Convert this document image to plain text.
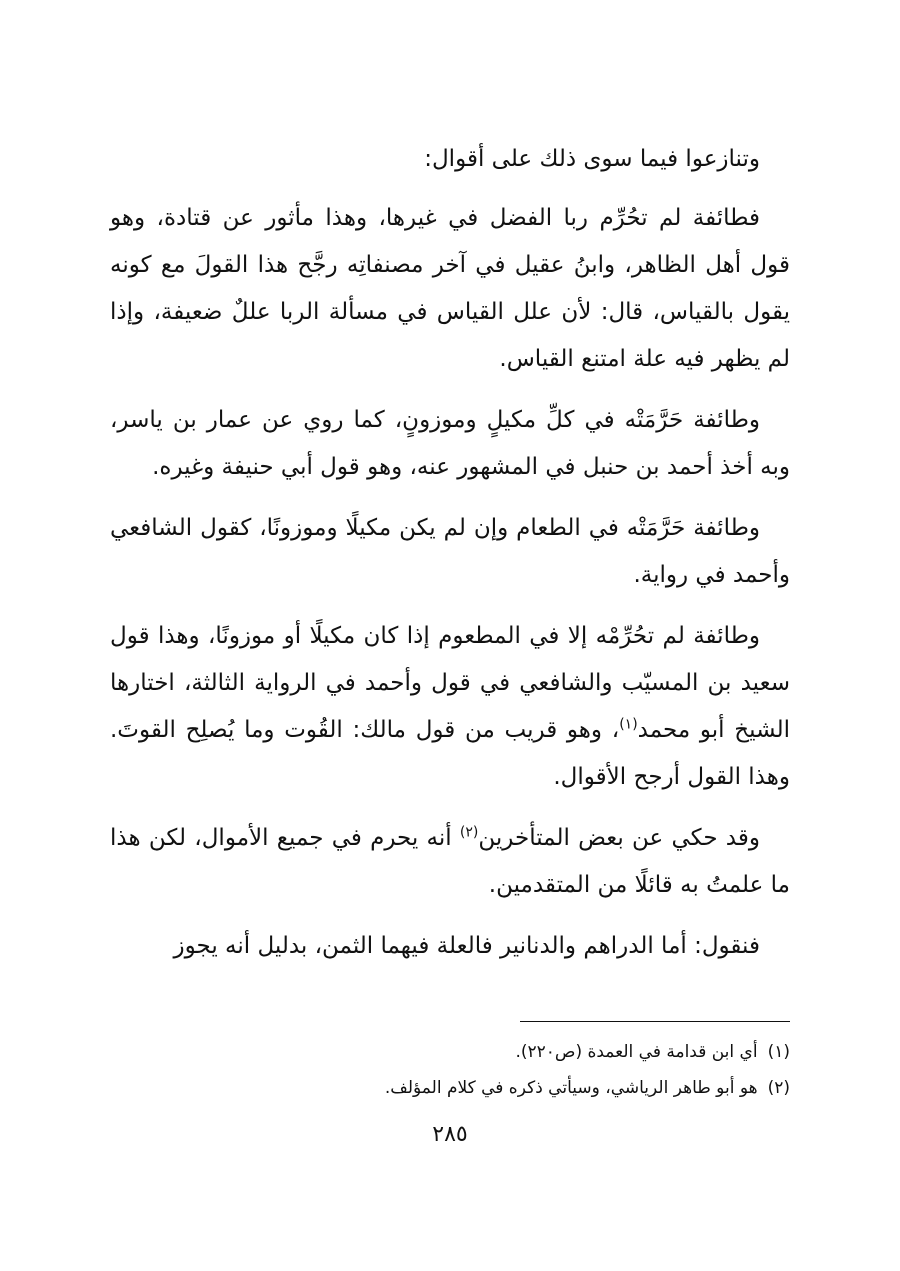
وتنازعوا فيما سوى ذلك على أقوال:

فطائفة لم تحُرِّم ربا الفضل في غيرها، وهذا مأثور عن قتادة، وهو قول أهل الظاهر، وابنُ عقيل في آخر مصنفاتِه رجَّح هذا القولَ مع كونه يقول بالقياس، قال: لأن علل القياس في مسألة الربا عللٌ ضعيفة، وإذا لم يظهر فيه علة امتنع القياس.

وطائفة حَرَّمَتْه في كلِّ مكيلٍ وموزونٍ، كما روي عن عمار بن ياسر، وبه أخذ أحمد بن حنبل في المشهور عنه، وهو قول أبي حنيفة وغيره.

وطائفة حَرَّمَتْه في الطعام وإن لم يكن مكيلًا وموزونًا، كقول الشافعي وأحمد في رواية.

وطائفة لم تحُرِّمْه إلا في المطعوم إذا كان مكيلًا أو موزونًا، وهذا قول سعيد بن المسيّب والشافعي في قول وأحمد في الرواية الثالثة، اختارها الشيخ أبو محمد$^{(١)}$، وهو قريب من قول مالك: القُوت وما يُصلِح القوتَ. وهذا القول أرجح الأقوال.

وقد حكي عن بعض المتأخرين$^{(٢)}$ أنه يحرم في جميع الأموال، لكن هذا ما علمتُ به قائلًا من المتقدمين.

فنقول: أما الدراهم والدنانير فالعلة فيهما الثمن، بدليل أنه يجوز

(١)أي ابن قدامة في العمدة (ص٢٢٠).

(٢)هو أبو طاهر الرياشي، وسيأتي ذكره في كلام المؤلف.

٢٨٥
